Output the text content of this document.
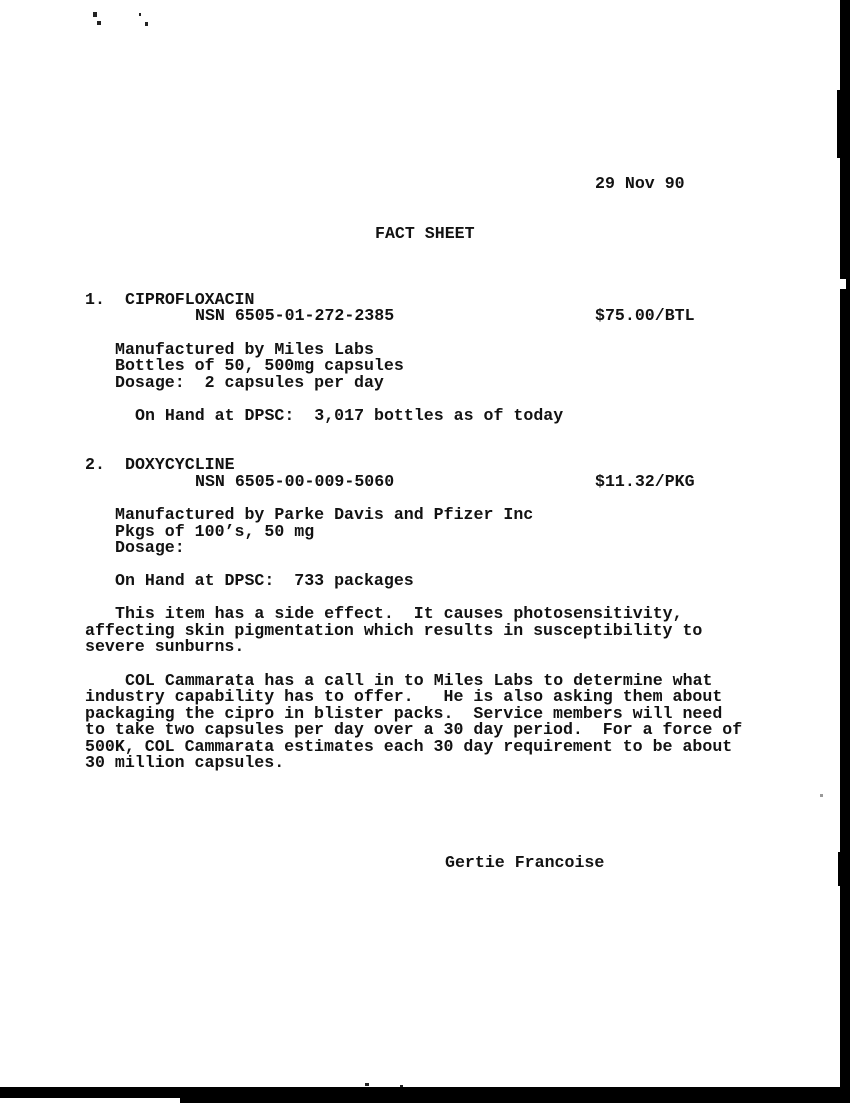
29 Nov 90
FACT SHEET
1. CIPROFLOXACIN
NSN 6505-01-272-2385	$75.00/BTL
Manufactured by Miles Labs
Bottles of 50, 500mg capsules
Dosage:  2 capsules per day
On Hand at DPSC:  3,017 bottles as of today
2. DOXYCYCLINE
NSN 6505-00-009-5060	$11.32/PKG
Manufactured by Parke Davis and Pfizer Inc
Pkgs of 100’s, 50 mg
Dosage:
On Hand at DPSC:  733 packages
This item has a side effect.  It causes photosensitivity,
affecting skin pigmentation which results in susceptibility to
severe sunburns.
COL Cammarata has a call in to Miles Labs to determine what
industry capability has to offer.   He is also asking them about
packaging the cipro in blister packs.  Service members will need
to take two capsules per day over a 30 day period.  For a force of
500K, COL Cammarata estimates each 30 day requirement to be about
30 million capsules.
Gertie Francoise
